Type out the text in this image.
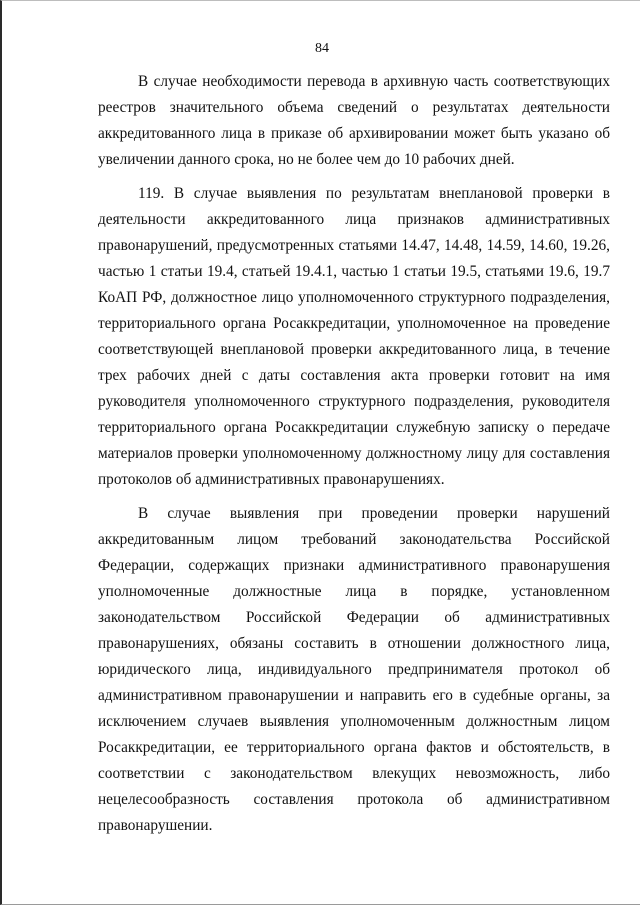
84

В случае необходимости перевода в архивную часть соответствующих реестров значительного объема сведений о результатах деятельности аккредитованного лица в приказе об архивировании может быть указано об увеличении данного срока, но не более чем до 10 рабочих дней.

119. В случае выявления по результатам внеплановой проверки в деятельности аккредитованного лица признаков административных правонарушений, предусмотренных статьями 14.47, 14.48, 14.59, 14.60, 19.26, частью 1 статьи 19.4, статьей 19.4.1, частью 1 статьи 19.5, статьями 19.6, 19.7 КоАП РФ, должностное лицо уполномоченного структурного подразделения, территориального органа Росаккредитации, уполномоченное на проведение соответствующей внеплановой проверки аккредитованного лица, в течение трех рабочих дней с даты составления акта проверки готовит на имя руководителя уполномоченного структурного подразделения, руководителя территориального органа Росаккредитации служебную записку о передаче материалов проверки уполномоченному должностному лицу для составления протоколов об административных правонарушениях.

В случае выявления при проведении проверки нарушений аккредитованным лицом требований законодательства Российской Федерации, содержащих признаки административного правонарушения уполномоченные должностные лица в порядке, установленном законодательством Российской Федерации об административных правонарушениях, обязаны составить в отношении должностного лица, юридического лица, индивидуального предпринимателя протокол об административном правонарушении и направить его в судебные органы, за исключением случаев выявления уполномоченным должностным лицом Росаккредитации, ее территориального органа фактов и обстоятельств, в соответствии с законодательством влекущих невозможность, либо нецелесообразность составления протокола об административном правонарушении.
